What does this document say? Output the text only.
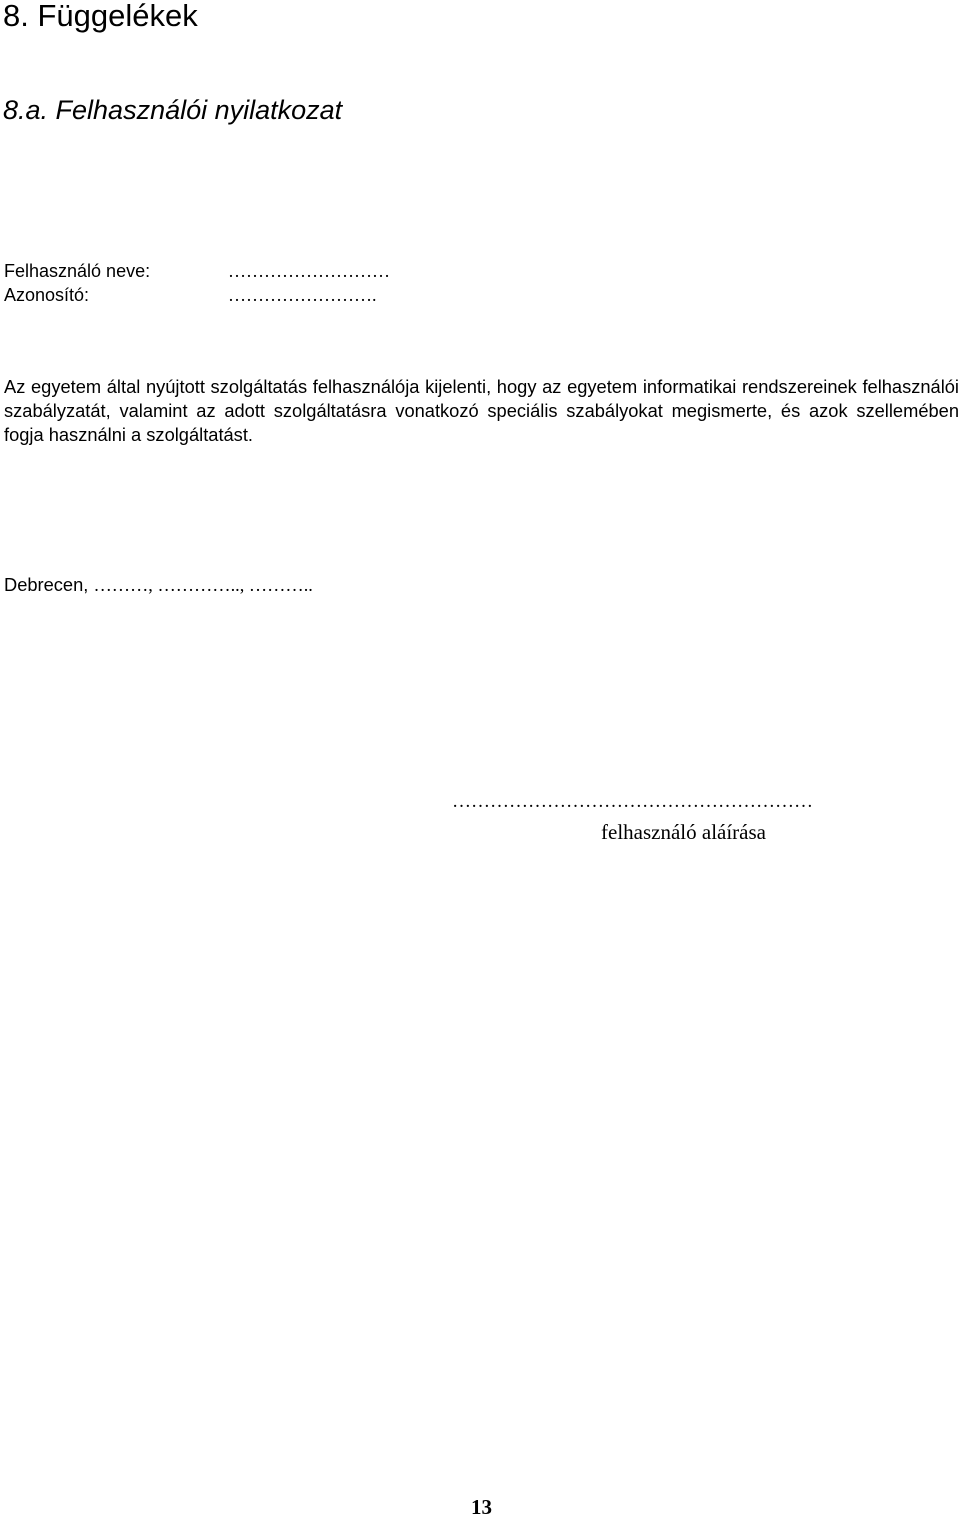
8. Függelékek
8.a. Felhasználói nyilatkozat
Felhasználó neve:	………………………
Azonosító:	…………………….
Az egyetem által nyújtott szolgáltatás felhasználója kijelenti, hogy az egyetem informatikai rendszereinek felhasználói szabályzatát, valamint az adott szolgáltatásra vonatkozó speciális szabályokat megismerte, és azok szellemében fogja használni a szolgáltatást.
Debrecen, ………, ………….., ………..
…………………………………………………
felhasználó aláírása
13
